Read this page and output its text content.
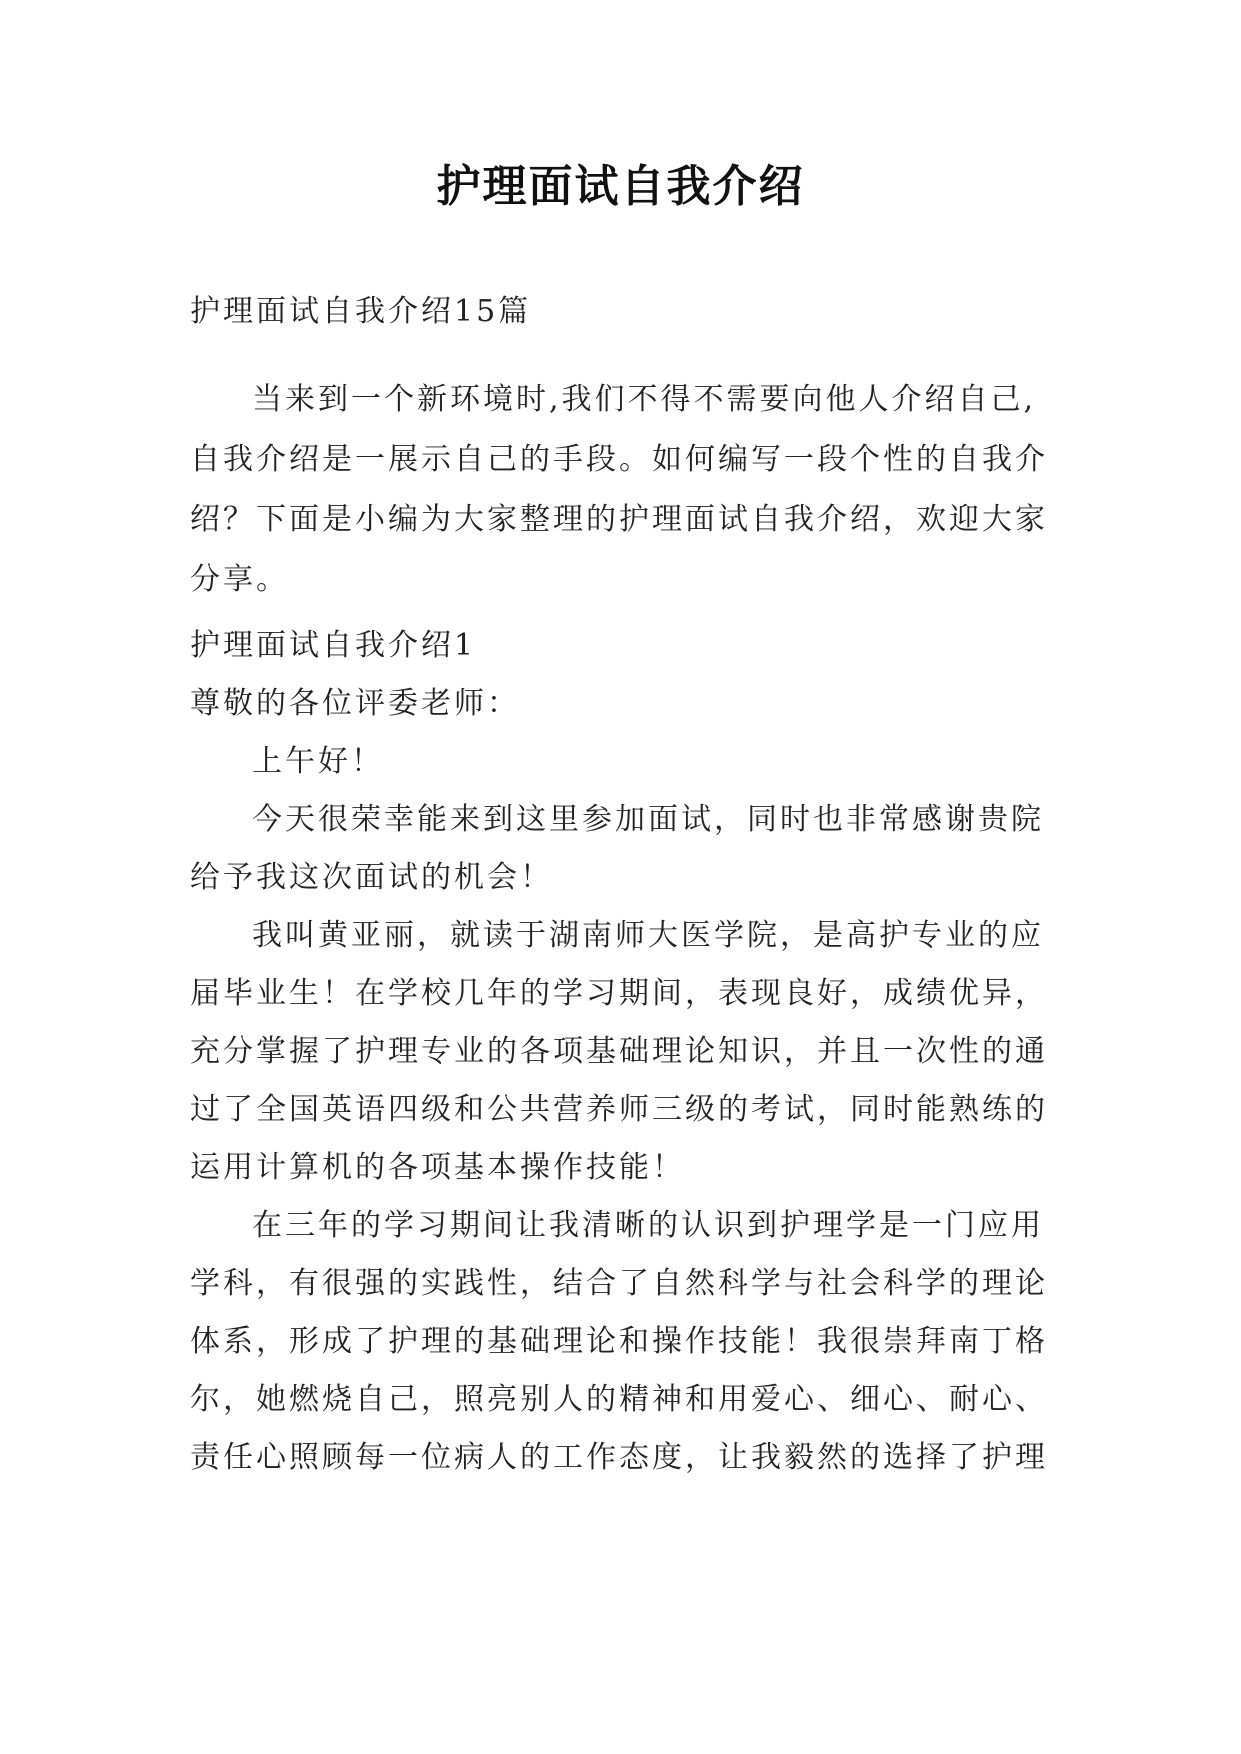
护理面试自我介绍
护理面试自我介绍15篇

当来到一个新环境时,我们不得不需要向他人介绍自己,自我介绍是一展示自己的手段。如何编写一段个性的自我介绍？下面是小编为大家整理的护理面试自我介绍，欢迎大家分享。

护理面试自我介绍1

尊敬的各位评委老师：

上午好！

今天很荣幸能来到这里参加面试，同时也非常感谢贵院给予我这次面试的机会！

我叫黄亚丽，就读于湖南师大医学院，是高护专业的应届毕业生！在学校几年的学习期间，表现良好，成绩优异，充分掌握了护理专业的各项基础理论知识，并且一次性的通过了全国英语四级和公共营养师三级的考试，同时能熟练的运用计算机的各项基本操作技能！

在三年的学习期间让我清晰的认识到护理学是一门应用学科，有很强的实践性，结合了自然科学与社会科学的理论体系，形成了护理的基础理论和操作技能！我很崇拜南丁格尔，她燃烧自己，照亮别人的精神和用爱心、细心、耐心、责任心照顾每一位病人的工作态度，让我毅然的选择了护理
